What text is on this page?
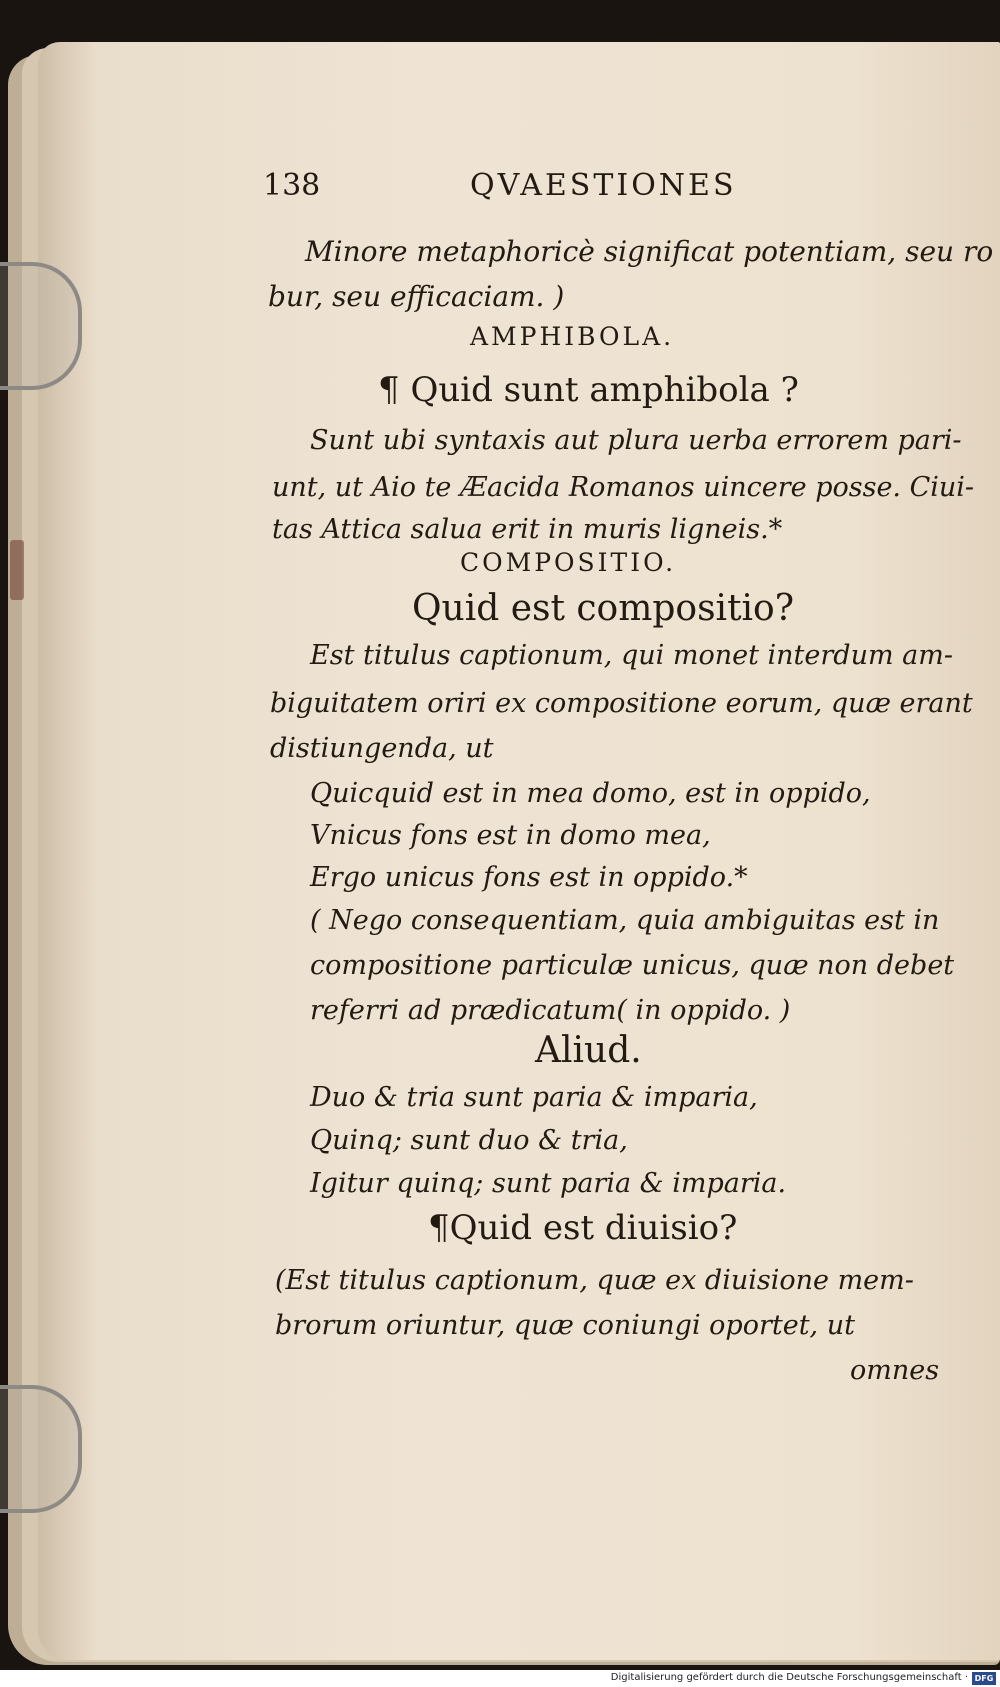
138	QVAESTIONES
Minore metaphoricè significat potentiam, seu ro
bur, seu efficaciam. )
AMPHIBOLA.
¶ Quid sunt amphibola ?
Sunt ubi syntaxis aut plura uerba errorem pari-
unt, ut Aio te Æacida Romanos uincere posse. Ciui-
tas Attica salua erit in muris ligneis.*
COMPOSITIO.
Quid est compositio?
Est titulus captionum, qui monet interdum am-
biguitatem oriri ex compositione eorum, quæ erant
distiungenda, ut
Quicquid est in mea domo, est in oppido,
Vnicus fons est in domo mea,
Ergo unicus fons est in oppido.*
( Nego consequentiam, quia ambiguitas est in
compositione particulæ unicus, quæ non debet
referri ad prædicatum( in oppido. )
Aliud.
Duo & tria sunt paria & imparia,
Quinq; sunt duo & tria,
Igitur quinq; sunt paria & imparia.
¶Quid est diuisio?
(Est titulus captionum, quæ ex diuisione mem-
brorum oriuntur, quæ coniungi oportet, ut
omnes
Digitalisierung gefördert durch die Deutsche Forschungsgemeinschaft · DFG
